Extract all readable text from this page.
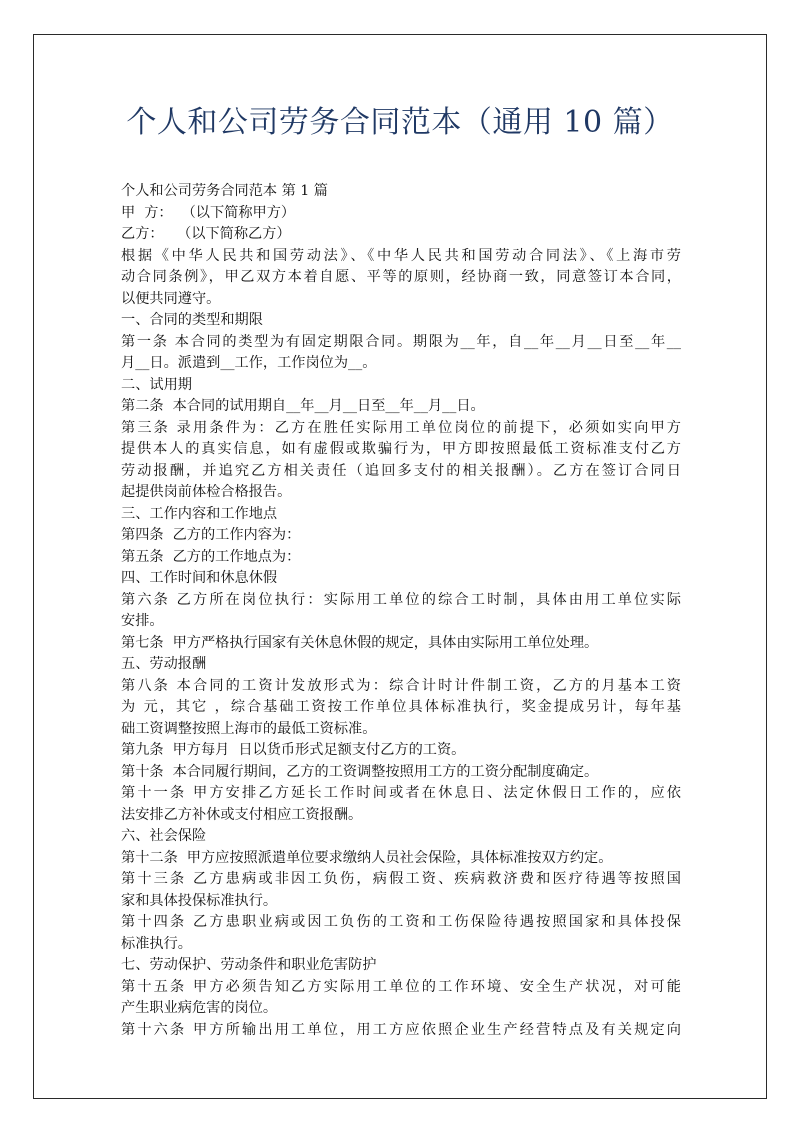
个人和公司劳务合同范本（通用 10 篇）
个人和公司劳务合同范本 第 1 篇
甲  方：  （以下简称甲方）
乙方：   （以下简称乙方）
根据《中华人民共和国劳动法》、《中华人民共和国劳动合同法》、《上海市劳
动合同条例》，甲乙双方本着自愿、平等的原则，经协商一致，同意签订本合同，
以便共同遵守。
一、合同的类型和期限
第一条 本合同的类型为有固定期限合同。期限为__年，自__年__月__日至__年__
月__日。派遣到__工作，工作岗位为__。
二、试用期
第二条  本合同的试用期自__年__月__日至__年__月__日。
第三条 录用条件为：乙方在胜任实际用工单位岗位的前提下，必须如实向甲方
提供本人的真实信息，如有虚假或欺骗行为，甲方即按照最低工资标准支付乙方
劳动报酬，并追究乙方相关责任（追回多支付的相关报酬）。乙方在签订合同日
起提供岗前体检合格报告。
三、工作内容和工作地点
第四条  乙方的工作内容为：
第五条  乙方的工作地点为：
四、工作时间和休息休假
第六条 乙方所在岗位执行：实际用工单位的综合工时制，具体由用工单位实际
安排。
第七条  甲方严格执行国家有关休息休假的规定，具体由实际用工单位处理。
五、劳动报酬
第八条 本合同的工资计发放形式为：综合计时计件制工资，乙方的月基本工资
为 元，其它 ，综合基础工资按工作单位具体标准执行，奖金提成另计，每年基
础工资调整按照上海市的最低工资标准。
第九条  甲方每月  日以货币形式足额支付乙方的工资。
第十条  本合同履行期间，乙方的工资调整按照用工方的工资分配制度确定。
第十一条 甲方安排乙方延长工作时间或者在休息日、法定休假日工作的，应依
法安排乙方补休或支付相应工资报酬。
六、社会保险
第十二条  甲方应按照派遣单位要求缴纳人员社会保险，具体标准按双方约定。
第十三条 乙方患病或非因工负伤，病假工资、疾病救济费和医疗待遇等按照国
家和具体投保标准执行。
第十四条 乙方患职业病或因工负伤的工资和工伤保险待遇按照国家和具体投保
标准执行。
七、劳动保护、劳动条件和职业危害防护
第十五条 甲方必须告知乙方实际用工单位的工作环境、安全生产状况，对可能
产生职业病危害的岗位。
第十六条 甲方所输出用工单位，用工方应依照企业生产经营特点及有关规定向
